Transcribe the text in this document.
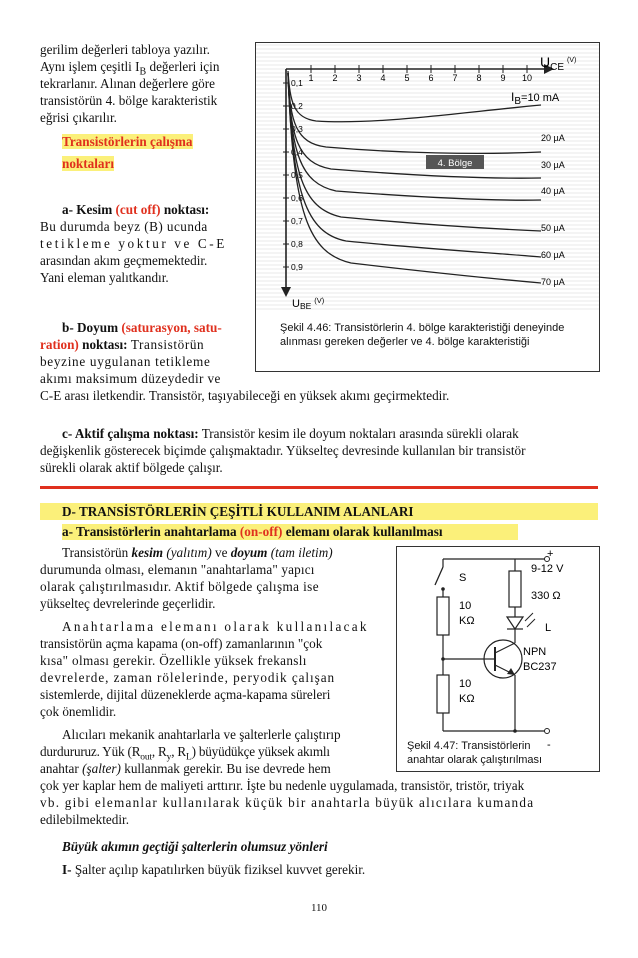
gerilim değerleri tabloya yazılır.
Aynı işlem çeşitli $I_B$ değerleri için
tekrarlanır. Alınan değerlere göre
transistörün 4. bölge karakteristik
eğrisi çıkarılır.
Transistörlerin çalışma
noktaları
a- Kesim (cut off) noktası:
Bu durumda beyz (B) ucunda
tetikleme yoktur ve C-E
arasından akım geçmemektedir.
Yani eleman yalıtkandır.
b- Doyum (saturasyon, satu-
ration) noktası: Transistörün
beyzine uygulanan tetikleme
akımı maksimum düzeydedir ve
C-E arası iletkendir. Transistör, taşıyabileceği en yüksek akımı geçirmektedir.
c- Aktif çalışma noktası: Transistör kesim ile doyum noktaları arasında sürekli olarak
değişkenlik gösterecek biçimde çalışmaktadır. Yükselteç devresinde kullanılan bir transistör
sürekli olarak aktif bölgede çalışır.
D- TRANSİSTÖRLERİN ÇEŞİTLİ KULLANIM ALANLARI
a- Transistörlerin anahtarlama (on-off) elemanı olarak kullanılması
Transistörün kesim (yalıtım) ve doyum (tam iletim)
durumunda olması, elemanın "anahtarlama" yapıcı
olarak çalıştırılmasıdır. Aktif bölgede çalışma ise
yükselteç devrelerinde geçerlidir.
Anahtarlama elemanı olarak kullanılacak
transistörün açma kapama (on-off) zamanlarının "çok
kısa" olması gerekir. Özellikle yüksek frekanslı
devrelerde, zaman rölelerinde, peryodik çalışan
sistemlerde, dijital düzeneklerde açma-kapama süreleri
çok önemlidir.
Alıcıları mekanik anahtarlarla ve şalterlerle çalıştırıp
durdururuz. Yük ($R_{out}$, $R_y$, $R_L$) büyüdükçe yüksek akımlı
anahtar (şalter) kullanmak gerekir. Bu ise devrede hem
çok yer kaplar hem de maliyeti arttırır. İşte bu nedenle uygulamada, transistör, tristör, triyak
vb. gibi elemanlar kullanılarak küçük bir anahtarla büyük alıcılara kumanda
edilebilmektedir.
Büyük akımın geçtiği şalterlerin olumsuz yönleri
I- Şalter açılıp kapatılırken büyük fiziksel kuvvet gerekir.
110
1 2 3 4 5 6 7 8 9 10
0,1
0,2
0,3
0,4
0,5
0,6
0,7
0,8
0,9
4. Bölge
$U_{CE}^{(V)}$
$UBE^{(V)}$
$I_B=10$ mA
20 µA
30 µA
40 µA
50 µA
60 µA
70 µA
Şekil 4.46: Transistörlerin 4. bölge karakteristiği deneyinde
alınması gereken değerler ve 4. bölge karakteristiği
+
-
9-12 V
S
10
KΩ
10
KΩ
330 Ω
L
NPN
BC237
Şekil 4.47: Transistörlerin
anahtar olarak çalıştırılması
